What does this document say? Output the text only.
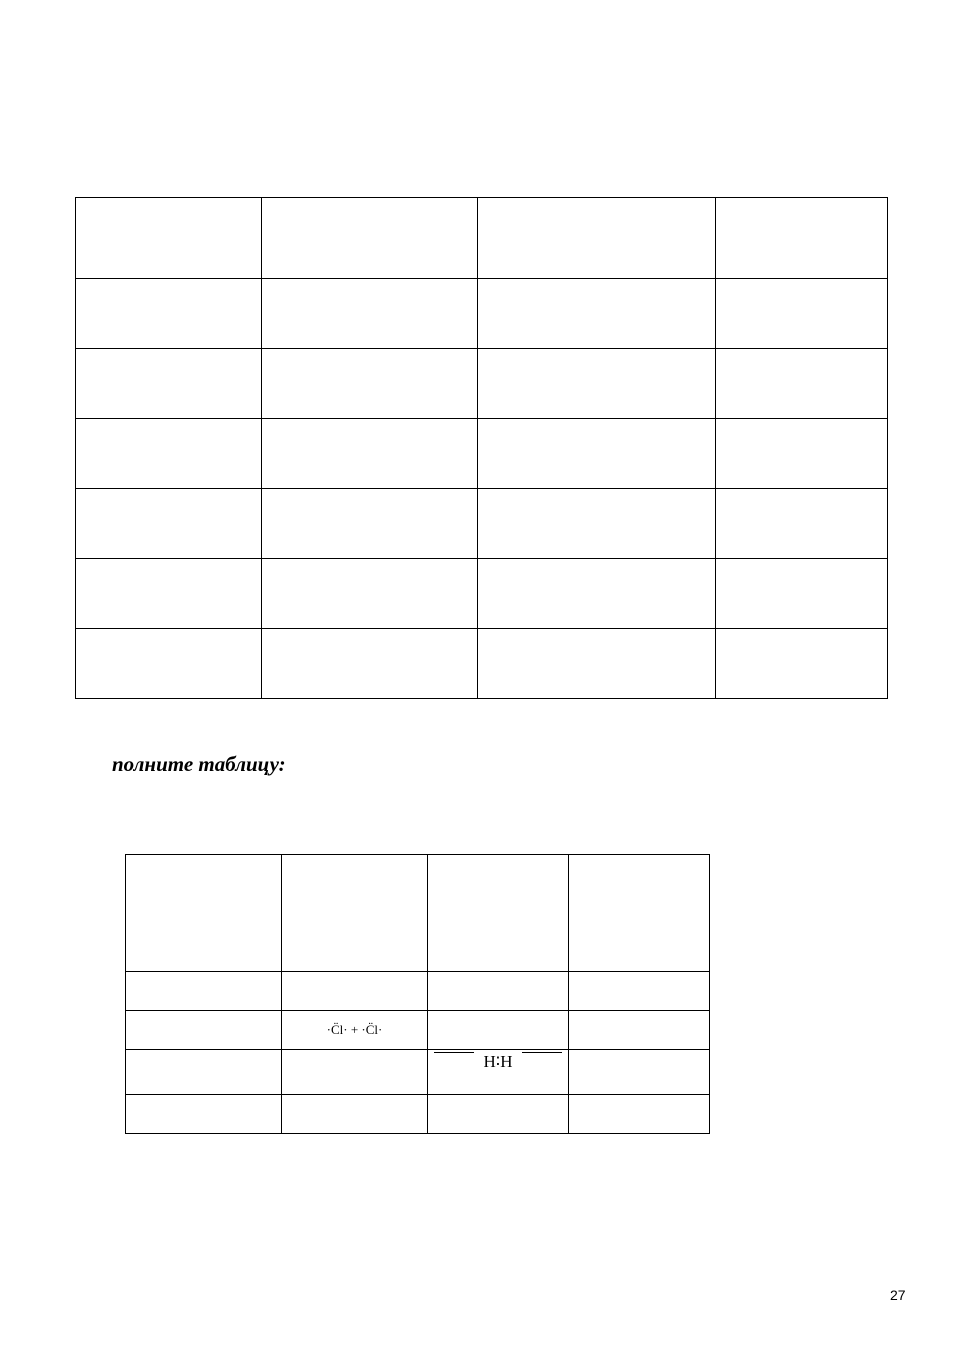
полните таблицу:

	·C̈l· + ·C̈l·		
		H∶H	

27
